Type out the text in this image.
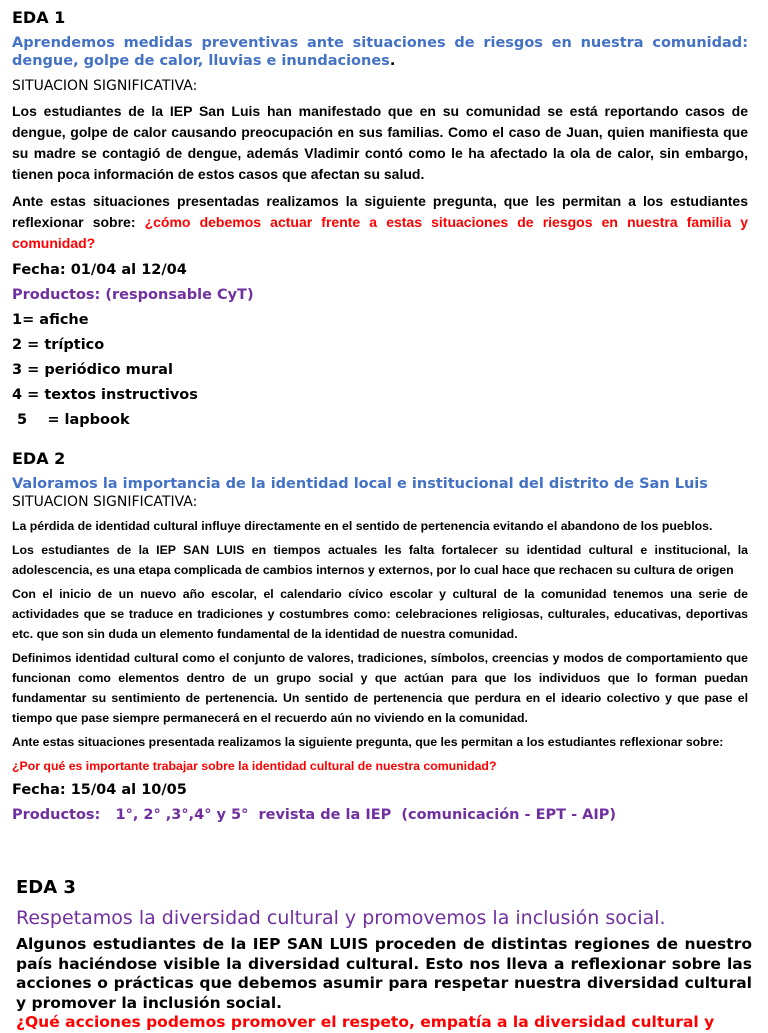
EDA 1

Aprendemos medidas preventivas ante situaciones de riesgos en nuestra comunidad: dengue, golpe de calor, lluvias e inundaciones.

SITUACION SIGNIFICATIVA:

Los estudiantes de la IEP San Luis han manifestado que en su comunidad se está reportando casos de dengue, golpe de calor causando preocupación en sus familias. Como el caso de Juan, quien manifiesta que su madre se contagió de dengue, además Vladimir contó como le ha afectado la ola de calor, sin embargo, tienen poca información de estos casos que afectan su salud.

Ante estas situaciones presentadas realizamos la siguiente pregunta, que les permitan a los estudiantes reflexionar sobre: ¿cómo debemos actuar frente a estas situaciones de riesgos en nuestra familia y comunidad?

Fecha: 01/04 al 12/04

Productos: (responsable CyT)

1= afiche

2 = tríptico

3 = periódico mural

4 = textos instructivos

5    = lapbook

EDA 2

Valoramos la importancia de la identidad local e institucional del distrito de San Luis

SITUACION SIGNIFICATIVA:

La pérdida de identidad cultural influye directamente en el sentido de pertenencia evitando el abandono de los pueblos.

Los estudiantes de la IEP SAN LUIS en tiempos actuales les falta fortalecer su identidad cultural e institucional, la adolescencia, es una etapa complicada de cambios internos y externos, por lo cual hace que rechacen su cultura de origen

Con el inicio de un nuevo año escolar, el calendario cívico escolar y cultural de la comunidad tenemos una serie de actividades que se traduce en tradiciones y costumbres como: celebraciones religiosas, culturales, educativas, deportivas etc. que son sin duda un elemento fundamental de la identidad de nuestra comunidad.

Definimos identidad cultural como el conjunto de valores, tradiciones, símbolos, creencias y modos de comportamiento que funcionan como elementos dentro de un grupo social y que actúan para que los individuos que lo forman puedan fundamentar su sentimiento de pertenencia. Un sentido de pertenencia que perdura en el ideario colectivo y que pase el tiempo que pase siempre permanecerá en el recuerdo aún no viviendo en la comunidad.

Ante estas situaciones presentada realizamos la siguiente pregunta, que les permitan a los estudiantes reflexionar sobre:

¿Por qué es importante trabajar sobre la identidad cultural de nuestra comunidad?

Fecha: 15/04 al 10/05

Productos:   1°, 2° ,3°,4° y 5°  revista de la IEP  (comunicación - EPT - AIP)

EDA 3

Respetamos la diversidad cultural y promovemos la inclusión social.

Algunos estudiantes de la IEP SAN LUIS proceden de distintas regiones de nuestro país haciéndose visible la diversidad cultural. Esto nos lleva a reflexionar sobre las acciones o prácticas que debemos asumir para respetar nuestra diversidad cultural y promover la inclusión social.

¿Qué acciones podemos promover el respeto, empatía a la diversidad cultural y
